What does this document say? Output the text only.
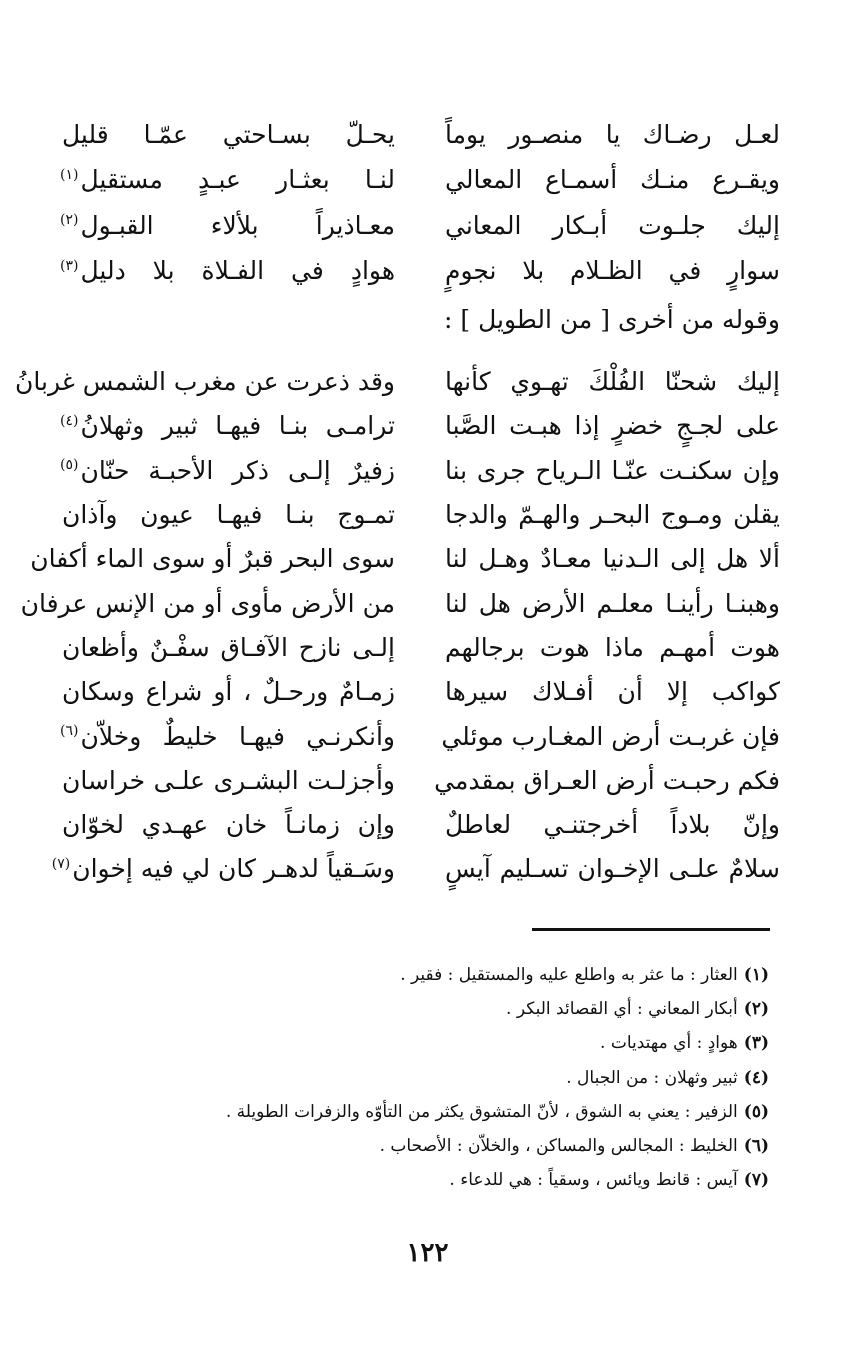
لعـل رضـاك يا منصـور يوماً
يحـلّ بسـاحتي عمّـا قليل
ويقـرع منـك أسمـاع المعالي
لنـا بعثـار عبـدٍ مستقيل$^{(١)}$
إليك جلـوت أبـكار المعاني
معـاذيراً بلألاء القبـول$^{(٢)}$
سوارٍ في الظـلام بلا نجومٍ
هوادٍ في الفـلاة بلا دليل$^{(٣)}$
وقوله من أخرى [ من الطويل ] :
إليك شحنّا الفُلْكَ تهـوي كأنها
وقد ذعرت عن مغرب الشمس غربانُ
على لجـجٍ خضرٍ إذا هبـت الصَّبا
ترامـى بنـا فيهـا ثبير وثهلانُ$^{(٤)}$
وإن سكنـت عنّـا الـرياح جرى بنا
زفيرٌ إلـى ذكر الأحبـة حنّان$^{(٥)}$
يقلن ومـوج البحـر والهـمّ والدجا
تمـوج بنـا فيهـا عيون وآذان
ألا هل إلى الـدنيا معـادٌ وهـل لنا
سوى البحر قبرٌ أو سوى الماء أكفان
وهبنـا رأينـا معلـم الأرض هل لنا
من الأرض مأوى أو من الإنس عرفان
هوت أمهـم ماذا هوت برجالهم
إلـى نازح الآفـاق سفْـنٌ وأظعان
كواكب إلا أن أفـلاك سيرها
زمـامٌ ورحـلٌ ، أو شراع وسكان
فإن غربـت أرض المغـارب موئلي
وأنكرنـي فيهـا خليطٌ وخلاّن$^{(٦)}$
فكم رحبـت أرض العـراق بمقدمي
وأجزلـت البشـرى علـى خراسان
وإنّ بلاداً أخرجتنـي لعاطلٌ
وإن زمانـاً خان عهـدي لخوّان
سلامٌ علـى الإخـوان تسـليم آيسٍ
وسَـقياً لدهـر كان لي فيه إخوان$^{(٧)}$
(١)العثار : ما عثر به واطلع عليه والمستقيل : فقير .
(٢)أبكار المعاني : أي القصائد البكر .
(٣)هوادٍ : أي مهتديات .
(٤)ثبير وثهلان : من الجبال .
(٥)الزفير : يعني به الشوق ، لأنّ المتشوق يكثر من التأوّه والزفرات الطويلة .
(٦)الخليط : المجالس والمساكن ، والخلاّن : الأصحاب .
(٧)آيس : قانط ويائس ، وسقياً : هي للدعاء .
١٢٢
